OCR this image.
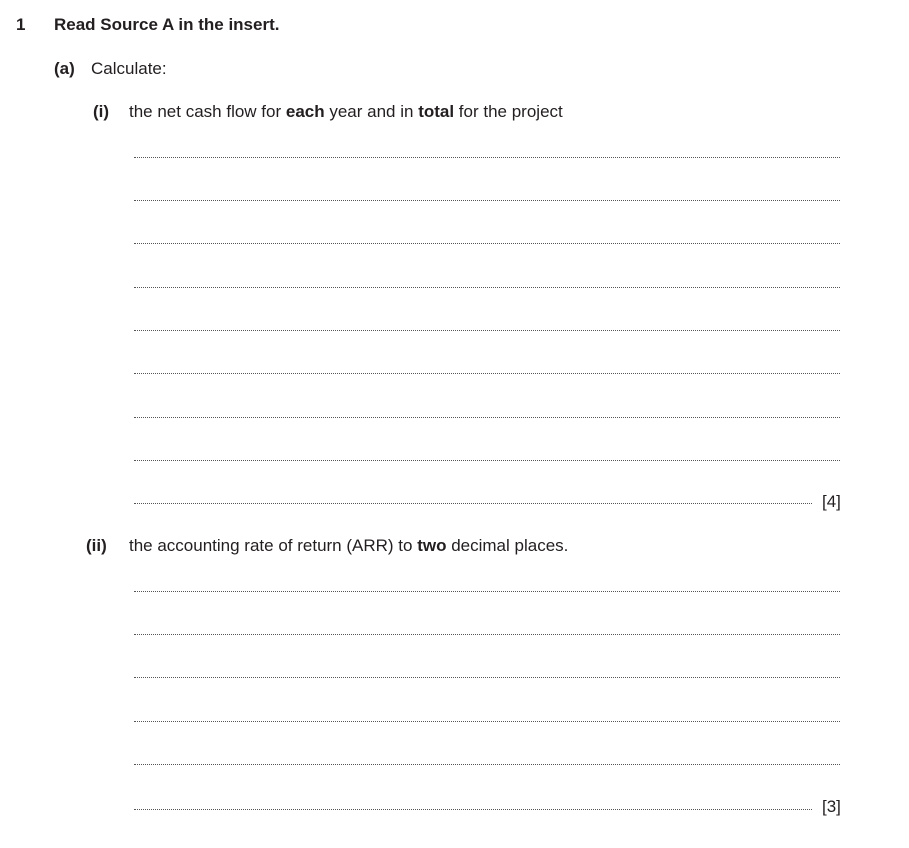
1 Read Source A in the insert.
(a) Calculate:
(i) the net cash flow for each year and in total for the project
[4]
(ii) the accounting rate of return (ARR) to two decimal places.
[3]
